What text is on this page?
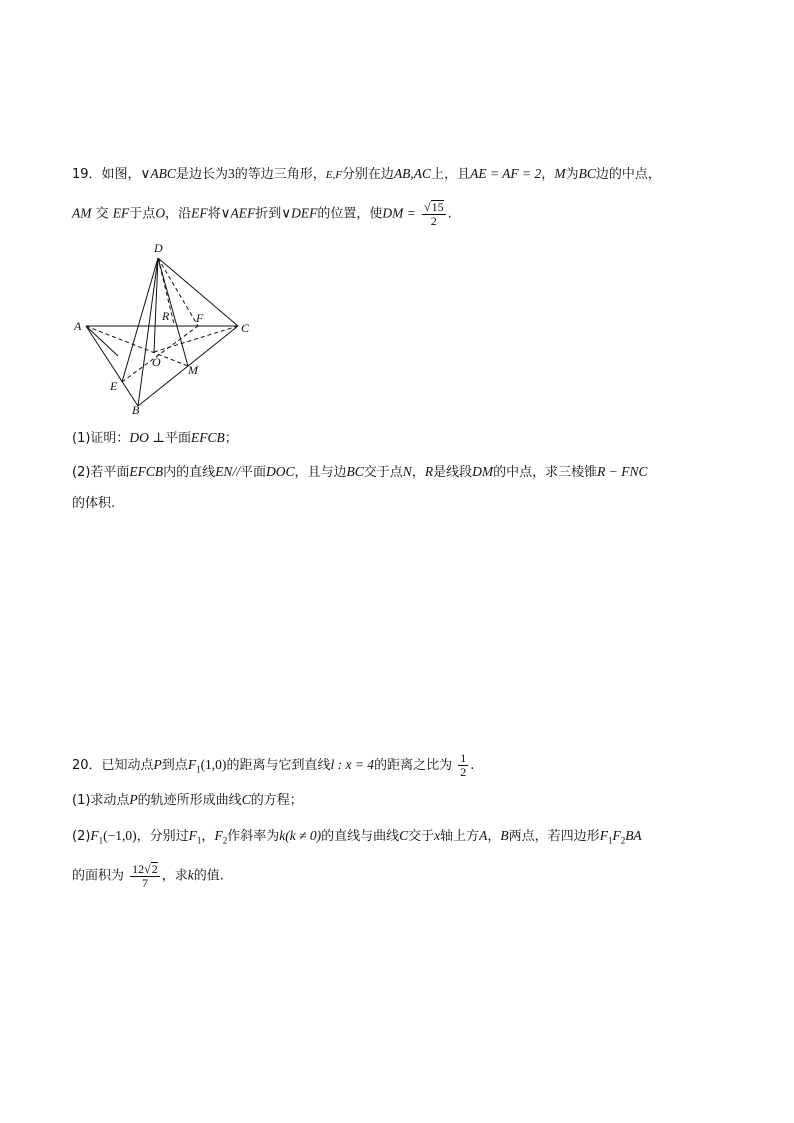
19．如图，∨ABC是边长为3的等边三角形，E,F分别在边AB,AC上，且AE = AF = 2，M为BC边的中点，
AM 交 EF于点O，沿EF将∨AEF折到∨DEF的位置，使DM = $\frac{√15}{2}$ .
D
A
R F
C
O
M
E
B
(1)证明：DO ⊥平面EFCB；
(2)若平面EFCB内的直线EN//平面DOC，且与边BC交于点N，R是线段DM的中点，求三棱锥R − FNC
的体积.
20．已知动点P到点$F_1(1,0)$的距离与它到直线l : x = 4的距离之比为 $\frac{1}{2}$ .
(1)求动点P的轨迹所形成曲线C的方程；
$(2)F_1(-1,0)$，分别过$F_1$，$F_2$作斜率为k(k ≠ 0)的直线与曲线C交于x轴上方A，B两点，若四边形$F_1F_2BA$
的面积为 $\frac{12√2}{7}$ ，求k的值.
